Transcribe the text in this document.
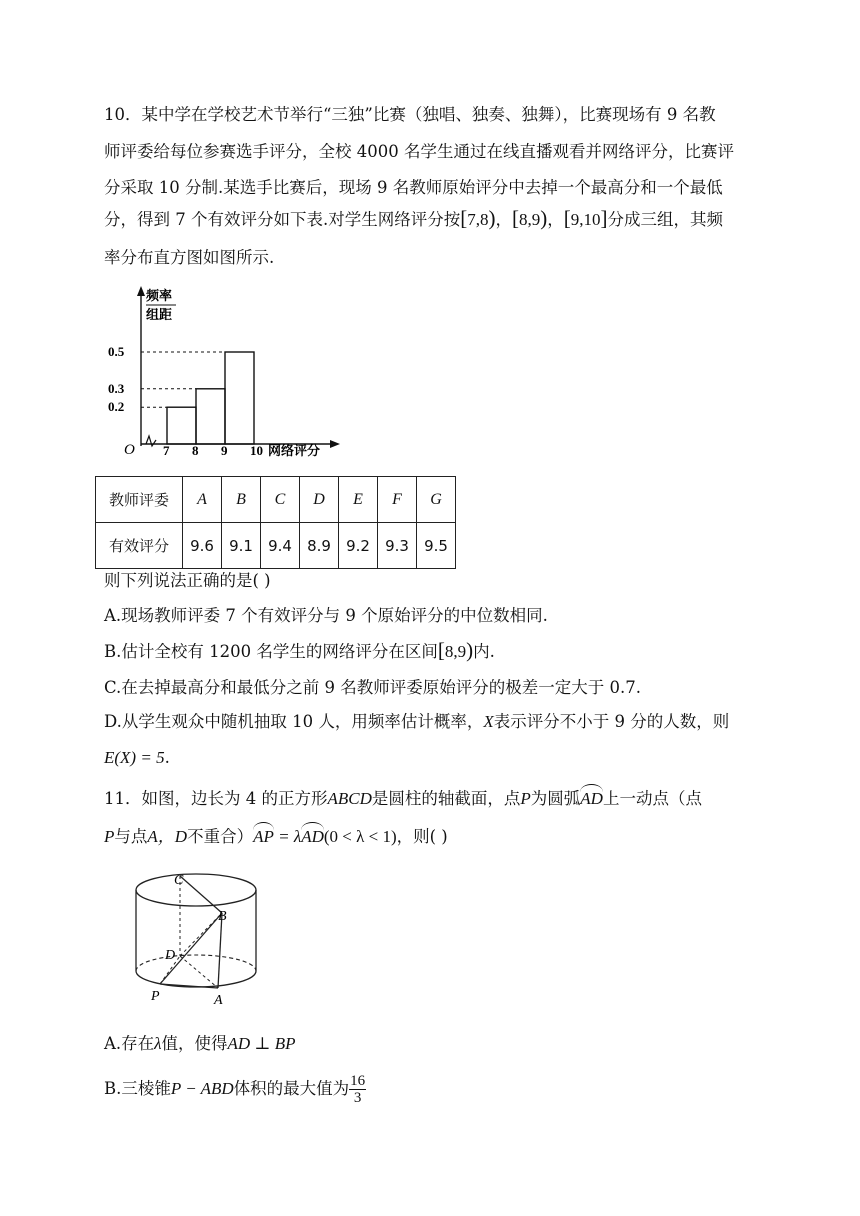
10．某中学在学校艺术节举行“三独”比赛（独唱、独奏、独舞），比赛现场有 9 名教
师评委给每位参赛选手评分，全校 4000 名学生通过在线直播观看并网络评分，比赛评
分采取 10 分制.某选手比赛后，现场 9 名教师原始评分中去掉一个最高分和一个最低
分，得到 7 个有效评分如下表.对学生网络评分按[7,8)，[8,9)，[9,10]分成三组，其频
率分布直方图如图所示.
频率
组距
O	网络评分
0.2
0.3
0.5
7 8 9 10
教师评委	A	B	C	D	E	F	G
有效评分	9.6	9.1	9.4	8.9	9.2	9.3	9.5
则下列说法正确的是( )
A.现场教师评委 7 个有效评分与 9 个原始评分的中位数相同.
B.估计全校有 1200 名学生的网络评分在区间[8,9)内.
C.在去掉最高分和最低分之前 9 名教师评委原始评分的极差一定大于 0.7.
D.从学生观众中随机抽取 10 人，用频率估计概率，X表示评分不小于 9 分的人数，则
E(X) = 5.
11．如图，边长为 4 的正方形ABCD是圆柱的轴截面，点P为圆弧AD上一动点（点
P与点A，D不重合）AP = λAD(0 < λ < 1)，则( )
C
B
D
P	A
A.存在λ值，使得AD ⊥ BP
B.三棱锥P − ABD体积的最大值为 $\frac{16}{3}$
